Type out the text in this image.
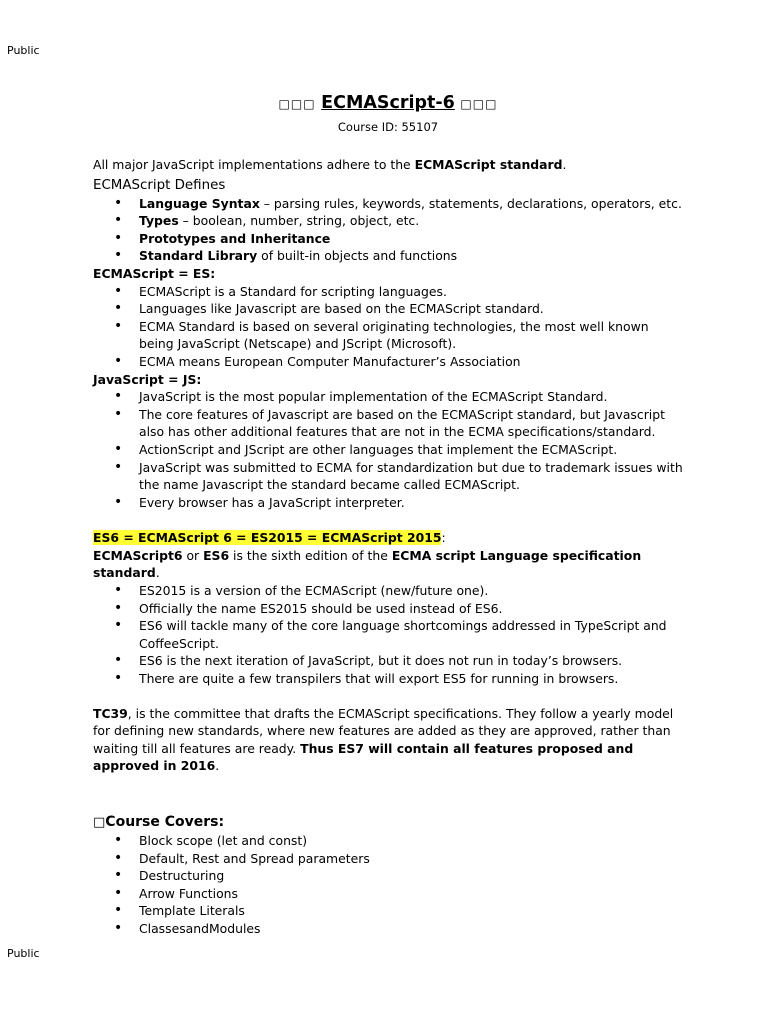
Public
□□□ ECMAScript-6 □□□
Course ID: 55107

All major JavaScript implementations adhere to the ECMAScript standard.

ECMAScript Defines
• Language Syntax – parsing rules, keywords, statements, declarations, operators, etc.
• Types – boolean, number, string, object, etc.
• Prototypes and Inheritance
• Standard Library of built-in objects and functions

ECMAScript = ES:

• ECMAScript is a Standard for scripting languages.
• Languages like Javascript are based on the ECMAScript standard.
• ECMA Standard is based on several originating technologies, the most well known being JavaScript (Netscape) and JScript (Microsoft).
• ECMA means European Computer Manufacturer’s Association

JavaScript = JS:

• JavaScript is the most popular implementation of the ECMAScript Standard.
• The core features of Javascript are based on the ECMAScript standard, but Javascript also has other additional features that are not in the ECMA specifications/standard.
• ActionScript and JScript are other languages that implement the ECMAScript.
• JavaScript was submitted to ECMA for standardization but due to trademark issues with the name Javascript the standard became called ECMAScript.
• Every browser has a JavaScript interpreter.

ES6 = ECMAScript 6 = ES2015 = ECMAScript 2015:

ECMAScript6 or ES6 is the sixth edition of the ECMA script Language specification standard.

• ES2015 is a version of the ECMAScript (new/future one).
• Officially the name ES2015 should be used instead of ES6.
• ES6 will tackle many of the core language shortcomings addressed in TypeScript and CoffeeScript.
• ES6 is the next iteration of JavaScript, but it does not run in today’s browsers.
• There are quite a few transpilers that will export ES5 for running in browsers.

TC39, is the committee that drafts the ECMAScript specifications. They follow a yearly model for defining new standards, where new features are added as they are approved, rather than waiting till all features are ready. Thus ES7 will contain all features proposed and approved in 2016.

□Course Covers:

• Block scope (let and const)
• Default, Rest and Spread parameters
• Destructuring
• Arrow Functions
• Template Literals
• ClassesandModules
Public
